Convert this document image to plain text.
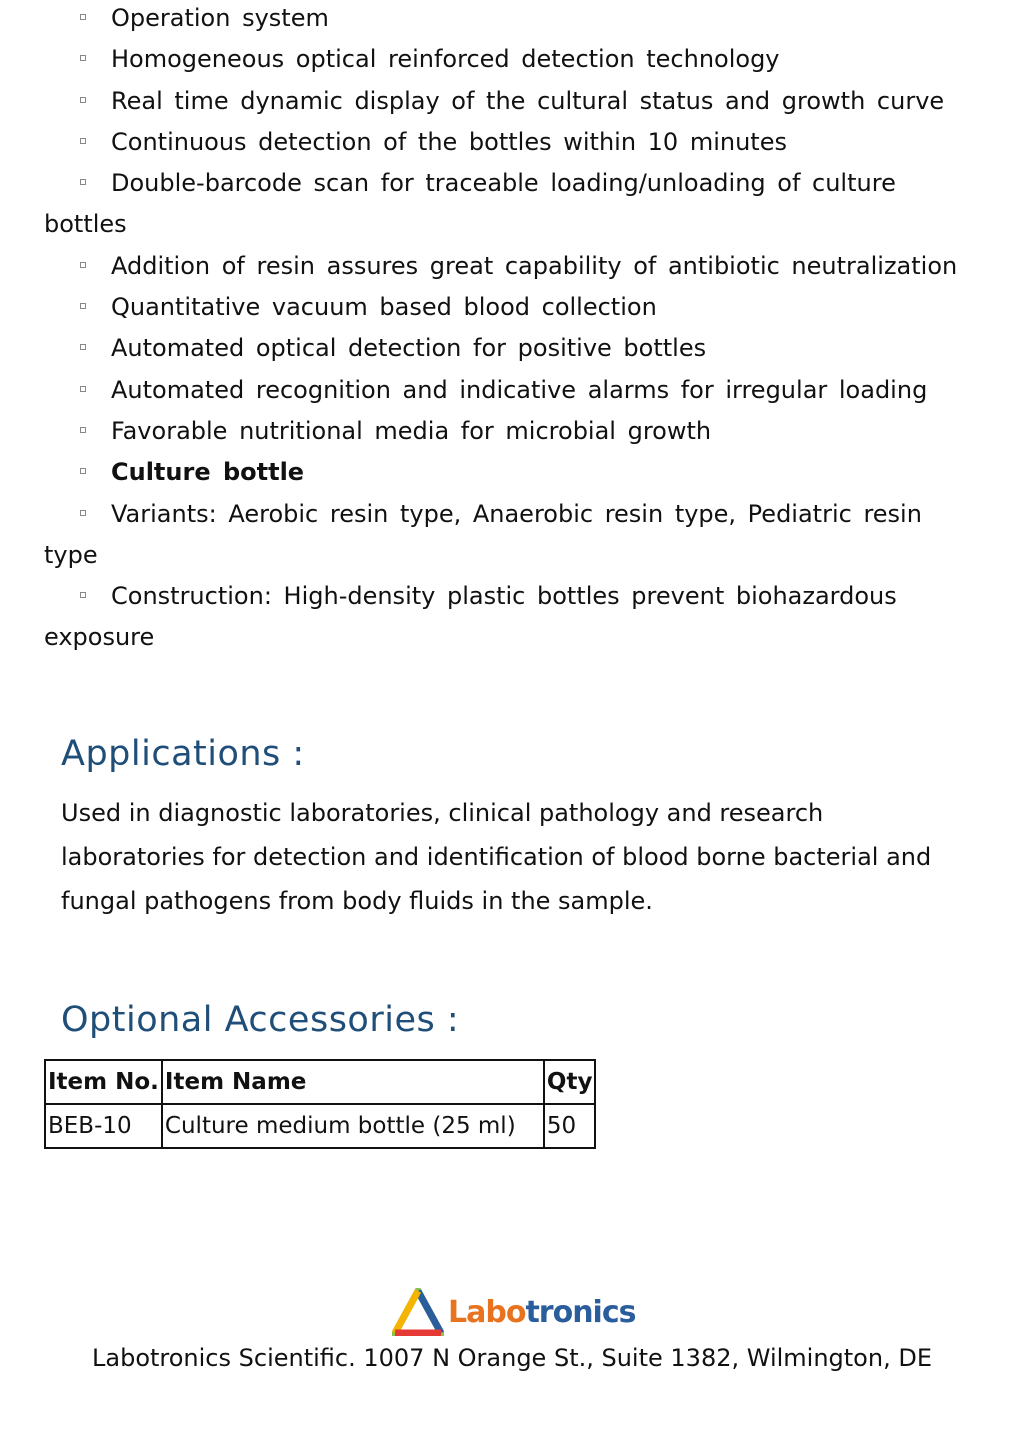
Operation system
Homogeneous optical reinforced detection technology
Real time dynamic display of the cultural status and growth curve
Continuous detection of the bottles within 10 minutes
Double-barcode scan for traceable loading/unloading of culture bottles
Addition of resin assures great capability of antibiotic neutralization
Quantitative vacuum based blood collection
Automated optical detection for positive bottles
Automated recognition and indicative alarms for irregular loading
Favorable nutritional media for microbial growth
Culture bottle
Variants: Aerobic resin type, Anaerobic resin type, Pediatric resin type
Construction: High-density plastic bottles prevent biohazardous exposure
Applications :
Used in diagnostic laboratories, clinical pathology and research laboratories for detection and identification of blood borne bacterial and fungal pathogens from body fluids in the sample.
Optional Accessories :
Item No.	Item Name	Qty
BEB-10	Culture medium bottle (25 ml)	50
Labotronics
Labotronics Scientific. 1007 N Orange St., Suite 1382, Wilmington, DE
